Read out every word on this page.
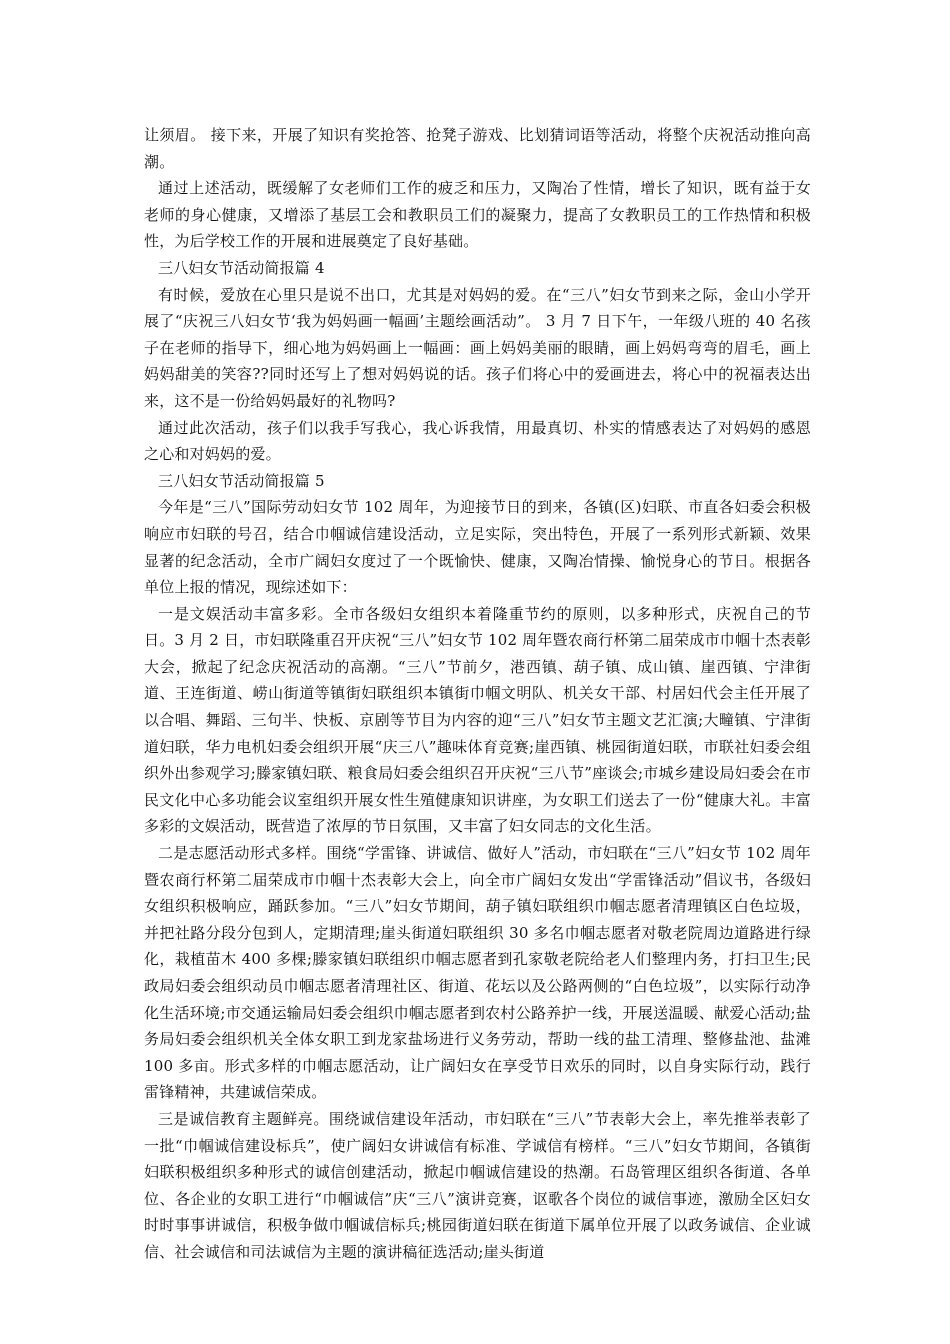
让须眉。 接下来，开展了知识有奖抢答、抢凳子游戏、比划猜词语等活动，将整个庆祝活动推向高潮。

通过上述活动，既缓解了女老师们工作的疲乏和压力，又陶冶了性情，增长了知识，既有益于女老师的身心健康，又增添了基层工会和教职员工们的凝聚力，提高了女教职员工的工作热情和积极性，为后学校工作的开展和进展奠定了良好基础。

三八妇女节活动简报篇 4

有时候，爱放在心里只是说不出口，尤其是对妈妈的爱。在“三八”妇女节到来之际，金山小学开展了“庆祝三八妇女节‘我为妈妈画一幅画’主题绘画活动”。 3 月 7 日下午，一年级八班的 40 名孩子在老师的指导下，细心地为妈妈画上一幅画：画上妈妈美丽的眼睛，画上妈妈弯弯的眉毛，画上妈妈甜美的笑容??同时还写上了想对妈妈说的话。孩子们将心中的爱画进去，将心中的祝福表达出来，这不是一份给妈妈最好的礼物吗?

通过此次活动，孩子们以我手写我心，我心诉我情，用最真切、朴实的情感表达了对妈妈的感恩之心和对妈妈的爱。

三八妇女节活动简报篇 5

今年是“三八”国际劳动妇女节 102 周年，为迎接节日的到来，各镇(区)妇联、市直各妇委会积极响应市妇联的号召，结合巾帼诚信建设活动，立足实际，突出特色，开展了一系列形式新颖、效果显著的纪念活动，全市广阔妇女度过了一个既愉快、健康，又陶冶情操、愉悦身心的节日。根据各单位上报的情况，现综述如下：

一是文娱活动丰富多彩。全市各级妇女组织本着隆重节约的原则，以多种形式，庆祝自己的节日。3 月 2 日，市妇联隆重召开庆祝“三八”妇女节 102 周年暨农商行杯第二届荣成市巾帼十杰表彰大会，掀起了纪念庆祝活动的高潮。“三八”节前夕，港西镇、葫子镇、成山镇、崖西镇、宁津街道、王连街道、崂山街道等镇街妇联组织本镇街巾帼文明队、机关女干部、村居妇代会主任开展了以合唱、舞蹈、三句半、快板、京剧等节目为内容的迎“三八”妇女节主题文艺汇演;大疃镇、宁津街道妇联，华力电机妇委会组织开展“庆三八”趣味体育竞赛;崖西镇、桃园街道妇联，市联社妇委会组织外出参观学习;滕家镇妇联、粮食局妇委会组织召开庆祝“三八节”座谈会;市城乡建设局妇委会在市民文化中心多功能会议室组织开展女性生殖健康知识讲座，为女职工们送去了一份“健康大礼。丰富多彩的文娱活动，既营造了浓厚的节日氛围，又丰富了妇女同志的文化生活。

二是志愿活动形式多样。围绕“学雷锋、讲诚信、做好人”活动，市妇联在“三八”妇女节 102 周年暨农商行杯第二届荣成市巾帼十杰表彰大会上，向全市广阔妇女发出“学雷锋活动”倡议书，各级妇女组织积极响应，踊跃参加。“三八”妇女节期间，葫子镇妇联组织巾帼志愿者清理镇区白色垃圾，并把社路分段分包到人，定期清理;崖头街道妇联组织 30 多名巾帼志愿者对敬老院周边道路进行绿化，栽植苗木 400 多棵;滕家镇妇联组织巾帼志愿者到孔家敬老院给老人们整理内务，打扫卫生;民政局妇委会组织动员巾帼志愿者清理社区、街道、花坛以及公路两侧的“白色垃圾”，以实际行动净化生活环境;市交通运输局妇委会组织巾帼志愿者到农村公路养护一线，开展送温暖、献爱心活动;盐务局妇委会组织机关全体女职工到龙家盐场进行义务劳动，帮助一线的盐工清理、整修盐池、盐滩 100 多亩。形式多样的巾帼志愿活动，让广阔妇女在享受节日欢乐的同时，以自身实际行动，践行雷锋精神，共建诚信荣成。

三是诚信教育主题鲜亮。围绕诚信建设年活动，市妇联在“三八”节表彰大会上，率先推举表彰了一批“巾帼诚信建设标兵”，使广阔妇女讲诚信有标准、学诚信有榜样。“三八”妇女节期间，各镇街妇联积极组织多种形式的诚信创建活动，掀起巾帼诚信建设的热潮。石岛管理区组织各街道、各单位、各企业的女职工进行“巾帼诚信”庆“三八”演讲竞赛，讴歌各个岗位的诚信事迹，激励全区妇女时时事事讲诚信，积极争做巾帼诚信标兵;桃园街道妇联在街道下属单位开展了以政务诚信、企业诚信、社会诚信和司法诚信为主题的演讲稿征选活动;崖头街道
